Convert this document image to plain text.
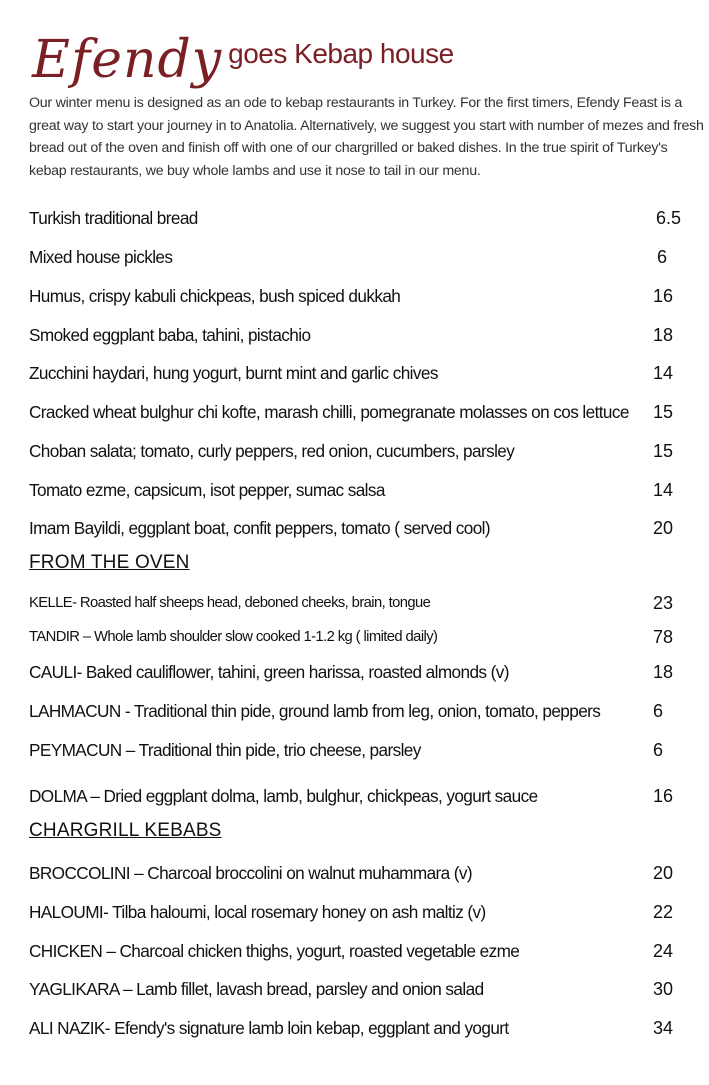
Efendy goes Kebap house

Our winter menu is designed as an ode to kebap restaurants in Turkey. For the first timers, Efendy Feast is a great way to start your journey in to Anatolia. Alternatively, we suggest you start with number of mezes and fresh bread out of the oven and finish off with one of our chargrilled or baked dishes. In the true spirit of Turkey's kebap restaurants, we buy whole lambs and use it nose to tail in our menu.

Turkish traditional bread	6.5
Mixed house pickles	6
Humus, crispy kabuli chickpeas, bush spiced dukkah	16
Smoked eggplant baba, tahini, pistachio	18
Zucchini haydari, hung yogurt, burnt mint and garlic chives	14
Cracked wheat bulghur chi kofte, marash chilli, pomegranate molasses on cos lettuce 15
Choban salata; tomato, curly peppers, red onion, cucumbers, parsley	15
Tomato ezme, capsicum, isot pepper, sumac salsa	14
Imam Bayildi, eggplant boat, confit peppers, tomato ( served cool)	20
FROM THE OVEN
KELLE- Roasted half sheeps head, deboned cheeks, brain, tongue	23
TANDIR – Whole lamb shoulder slow cooked 1-1.2 kg ( limited daily)	78
CAULI- Baked cauliflower, tahini, green harissa, roasted almonds (v)	18
LAHMACUN - Traditional thin pide, ground lamb from leg, onion, tomato, peppers	6
PEYMACUN – Traditional thin pide, trio cheese, parsley	6
DOLMA – Dried eggplant dolma, lamb, bulghur, chickpeas, yogurt sauce	16
CHARGRILL KEBABS
BROCCOLINI – Charcoal broccolini on walnut muhammara (v)	20
HALOUMI- Tilba haloumi, local rosemary honey on ash maltiz (v)	22
CHICKEN – Charcoal chicken thighs, yogurt, roasted vegetable ezme	24
YAGLIKARA – Lamb fillet, lavash bread, parsley and onion salad	30
ALI NAZIK- Efendy's signature lamb loin kebap, eggplant and yogurt	34
